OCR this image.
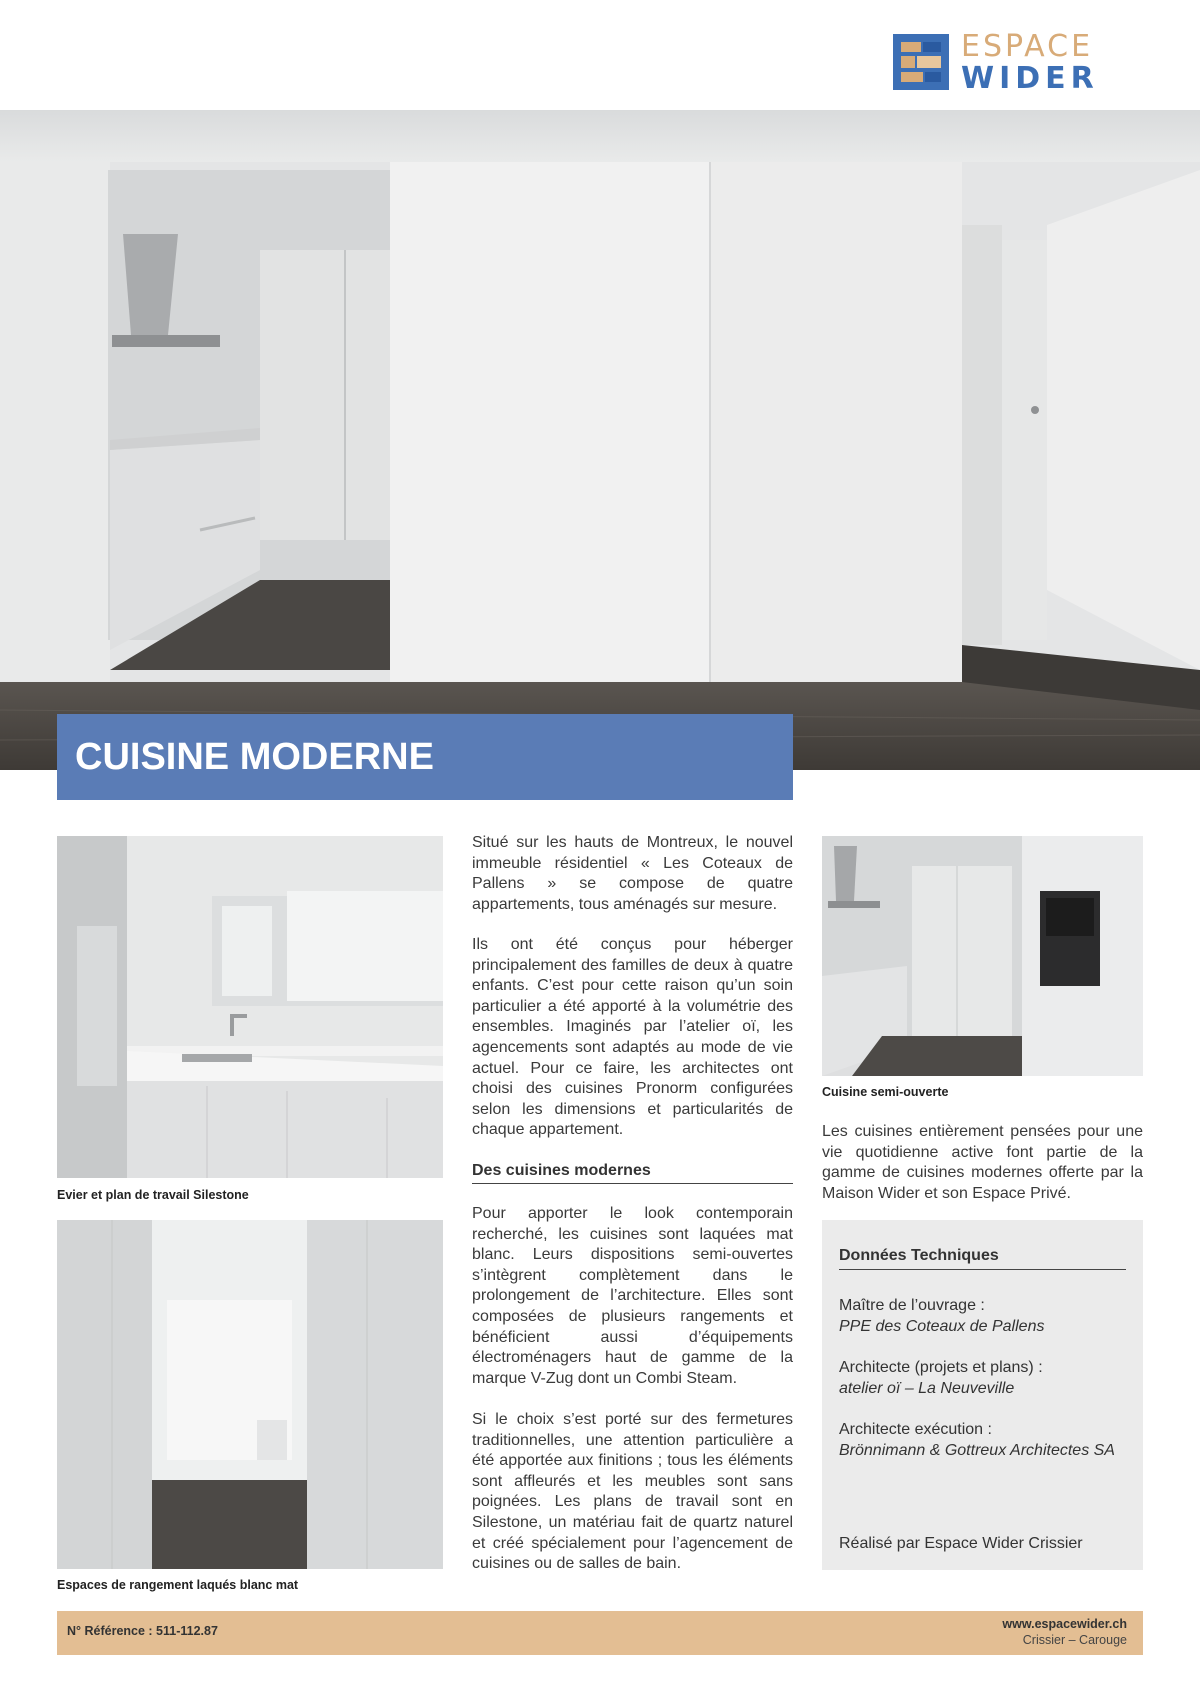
ESPACE
WIDER
CUISINE MODERNE
Evier et plan de travail Silestone
Espaces de rangement laqués blanc mat
Cuisine semi-ouverte

Situé sur les hauts de Montreux, le nouvel immeuble résidentiel « Les Coteaux de Pallens » se compose de quatre appartements, tous aménagés sur mesure.

Ils ont été conçus pour héberger principalement des familles de deux à quatre enfants. C’est pour cette raison qu’un soin particulier a été apporté à la volumétrie des ensembles. Imaginés par l’atelier oï, les agencements sont adaptés au mode de vie actuel. Pour ce faire, les architectes ont choisi des cuisines Pronorm configurées selon les dimensions et particularités de chaque appartement.

Des cuisines modernes

Pour apporter le look contemporain recherché, les cuisines sont laquées mat blanc. Leurs dispositions semi-ouvertes s’intègrent complètement dans le prolongement de l’architecture. Elles sont composées de plusieurs rangements et bénéficient aussi d’équipements électroménagers haut de gamme de la marque V-Zug dont un Combi Steam.

Si le choix s’est porté sur des fermetures traditionnelles, une attention particulière a été apportée aux finitions ; tous les éléments sont affleurés et les meubles sont sans poignées. Les plans de travail sont en Silestone, un matériau fait de quartz naturel et créé spécialement pour l’agencement de cuisines ou de salles de bain.

Les cuisines entièrement pensées pour une vie quotidienne active font partie de la gamme de cuisines modernes offerte par la Maison Wider et son Espace Privé.

Données Techniques
Maître de l’ouvrage :
PPE des Coteaux de Pallens
Architecte (projets et plans) :
atelier oï – La Neuveville
Architecte exécution :
Brönnimann & Gottreux Architectes SA
Réalisé par Espace Wider Crissier
N° Référence : 511-112.87	www.espacewider.ch
Crissier – Carouge
